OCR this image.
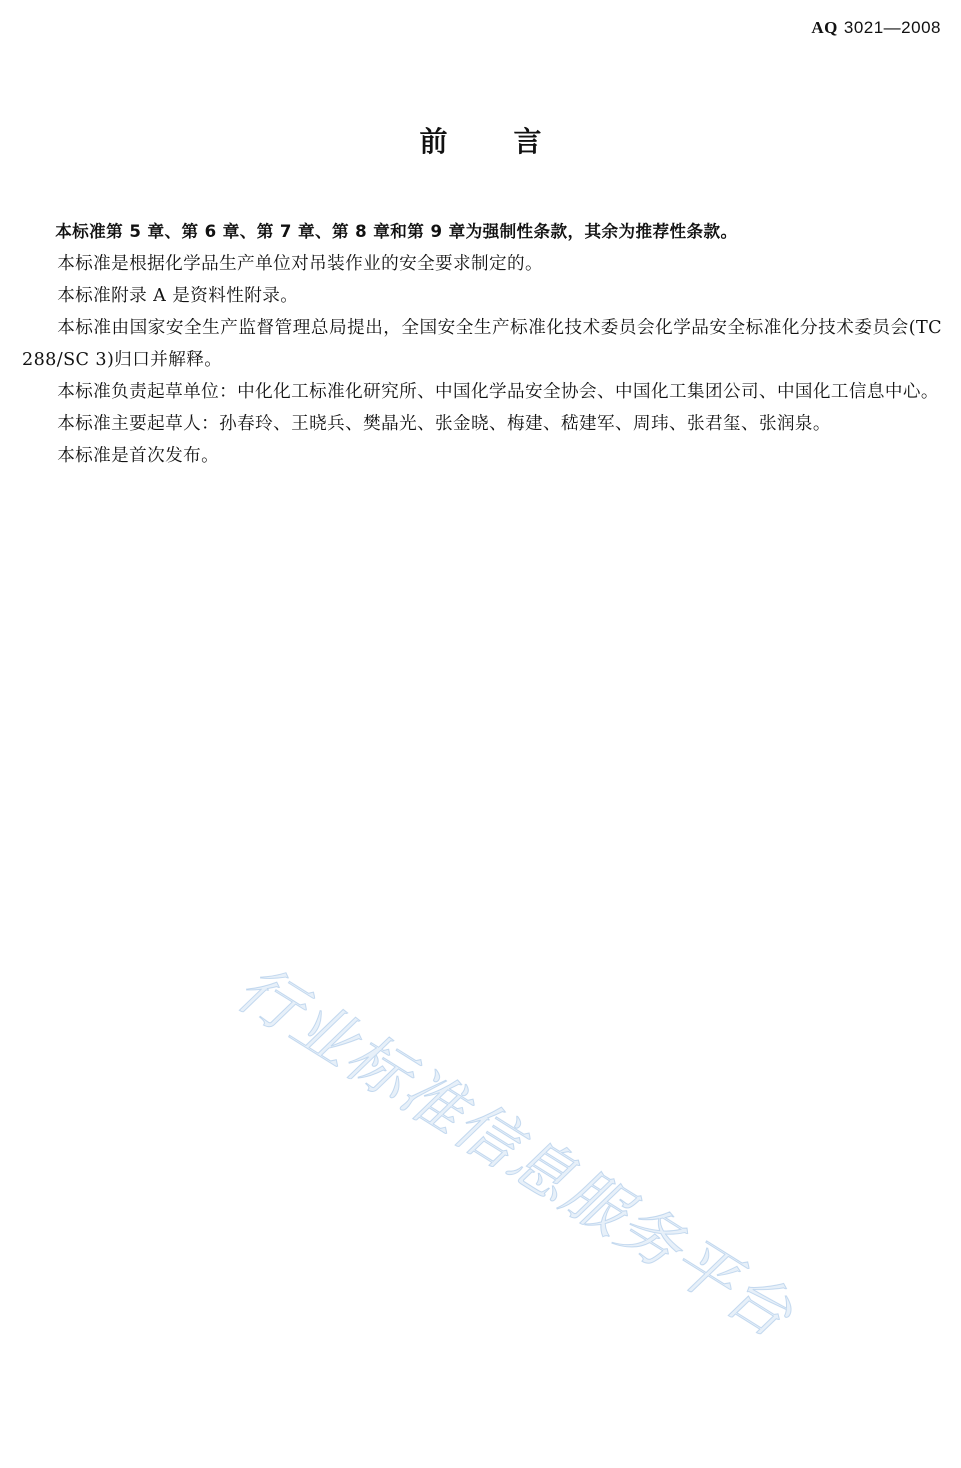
AQ 3021—2008
前 言

本标准第 5 章、第 6 章、第 7 章、第 8 章和第 9 章为强制性条款，其余为推荐性条款。

本标准是根据化学品生产单位对吊装作业的安全要求制定的。

本标准附录 A 是资料性附录。

本标准由国家安全生产监督管理总局提出，全国安全生产标准化技术委员会化学品安全标准化分技术委员会(TC 288/SC 3)归口并解释。

本标准负责起草单位：中化化工标准化研究所、中国化学品安全协会、中国化工集团公司、中国化工信息中心。

本标准主要起草人：孙春玲、王晓兵、樊晶光、张金晓、梅建、嵇建军、周玮、张君玺、张润泉。

本标准是首次发布。

行业标准信息服务平台
